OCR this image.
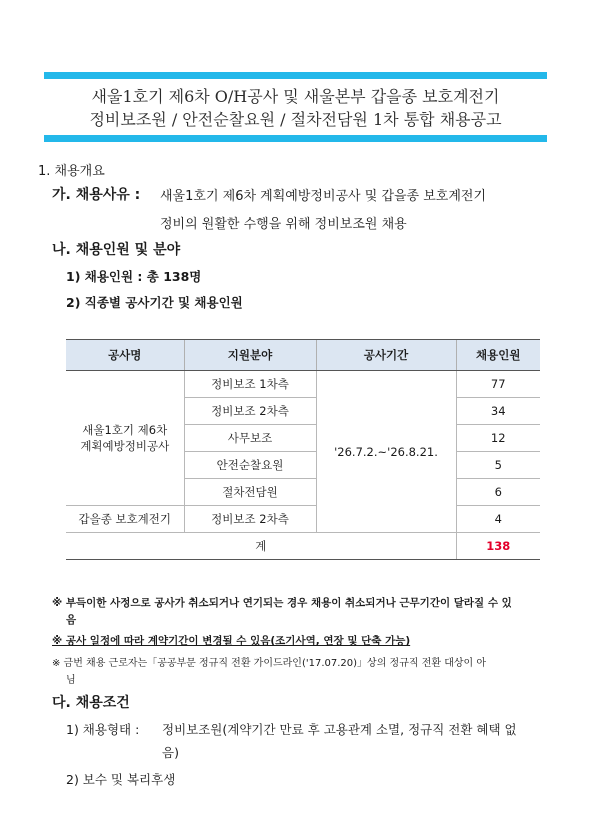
새울1호기 제6차 O/H공사 및 새울본부 갑을종 보호계전기
정비보조원 / 안전순찰요원 / 절차전담원 1차 통합 채용공고
1. 채용개요
가. 채용사유 : 새울1호기 제6차 계획예방정비공사 및 갑을종 보호계전기
정비의 원활한 수행을 위해 정비보조원 채용
나. 채용인원 및 분야
1) 채용인원 : 총 138명
2) 직종별 공사기간 및 채용인원
공사명	지원분야	공사기간	채용인원

새울1호기 제6차
계획예방정비공사	정비보조 1차측	'26.7.2.~'26.8.21.	77
	정비보조 2차측		34
	사무보조		12
	안전순찰요원		5
	절차전담원		6
갑을종 보호계전기	정비보조 2차측		4
계			138
※ 부득이한 사정으로 공사가 취소되거나 연기되는 경우 채용이 취소되거나 근무기간이 달라질 수 있
음
※ 공사 일정에 따라 계약기간이 변경될 수 있음(조기사역, 연장 및 단축 가능)
※ 금번 채용 근로자는「공공부문 정규직 전환 가이드라인('17.07.20)」상의 정규직 전환 대상이 아
님
다. 채용조건
1) 채용형태 : 정비보조원(계약기간 만료 후 고용관계 소멸, 정규직 전환 혜택 없
음)
2) 보수 및 복리후생
